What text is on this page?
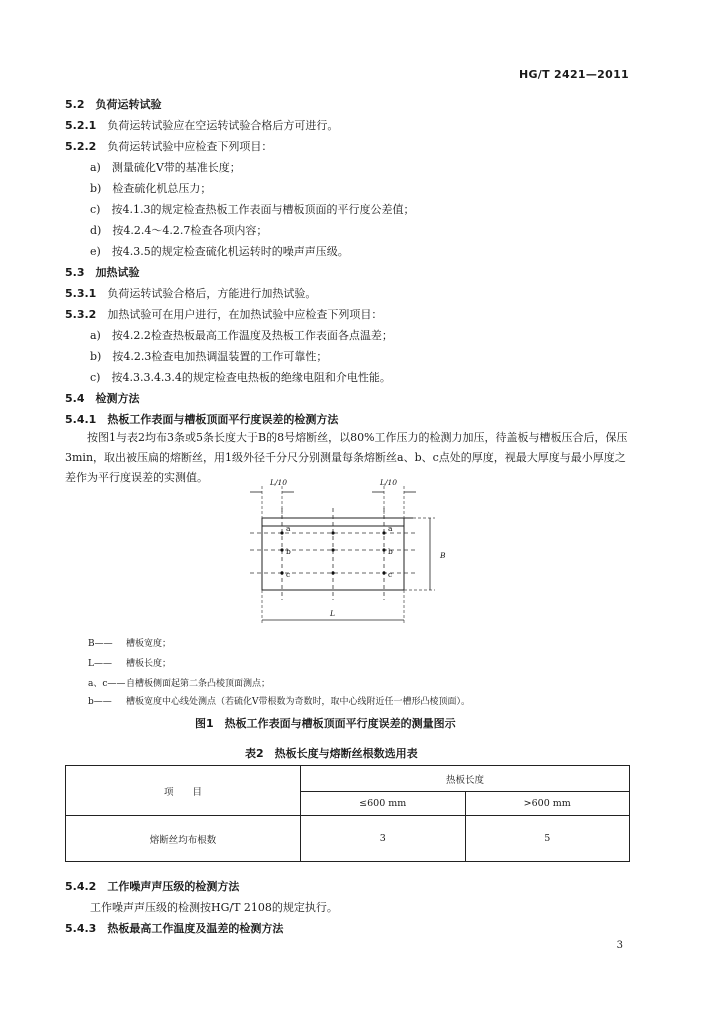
HG/T 2421—2011
5.2　 负荷运转试验
5.2.1　 负荷运转试验应在空运转试验合格后方可进行。
5.2.2　 负荷运转试验中应检查下列项目：
a)　 测量硫化V带的基准长度；
b)　 检查硫化机总压力；
c)　 按4.1.3的规定检查热板工作表面与槽板顶面的平行度公差值；
d)　 按4.2.4～4.2.7检查各项内容；
e)　 按4.3.5的规定检查硫化机运转时的噪声声压级。
5.3　 加热试验
5.3.1　 负荷运转试验合格后，方能进行加热试验。
5.3.2　 加热试验可在用户进行，在加热试验中应检查下列项目：
a)　 按4.2.2检查热板最高工作温度及热板工作表面各点温差；
b)　 按4.2.3检查电加热调温装置的工作可靠性；
c)　 按4.3.3.4.3.4的规定检查电热板的绝缘电阻和介电性能。
5.4　 检测方法
5.4.1　 热板工作表面与槽板顶面平行度误差的检测方法
按图1与表2均布3条或5条长度大于B的8号熔断丝，以80%工作压力的检测力加压，待盖板与槽板压合后，保压3min，取出被压扁的熔断丝，用1级外径千分尺分别测量每条熔断丝a、b、c点处的厚度，视最大厚度与最小厚度之差作为平行度误差的实测值。	L/10	L/10
L
B
a	a
b	b
c	c
B—— 槽板宽度；
L—— 槽板长度；
a、c——自槽板侧面起第二条凸棱顶面测点；
b—— 槽板宽度中心线处测点（若硫化V带根数为奇数时，取中心线附近任一槽形凸棱顶面）。
图1　热板工作表面与槽板顶面平行度误差的测量图示
表2　热板长度与熔断丝根数选用表
项　　目	热板长度	
	≤600 mm	>600 mm
熔断丝均布根数	3	5
5.4.2　 工作噪声声压级的检测方法
工作噪声声压级的检测按HG/T 2108的规定执行。
5.4.3　 热板最高工作温度及温差的检测方法
3
